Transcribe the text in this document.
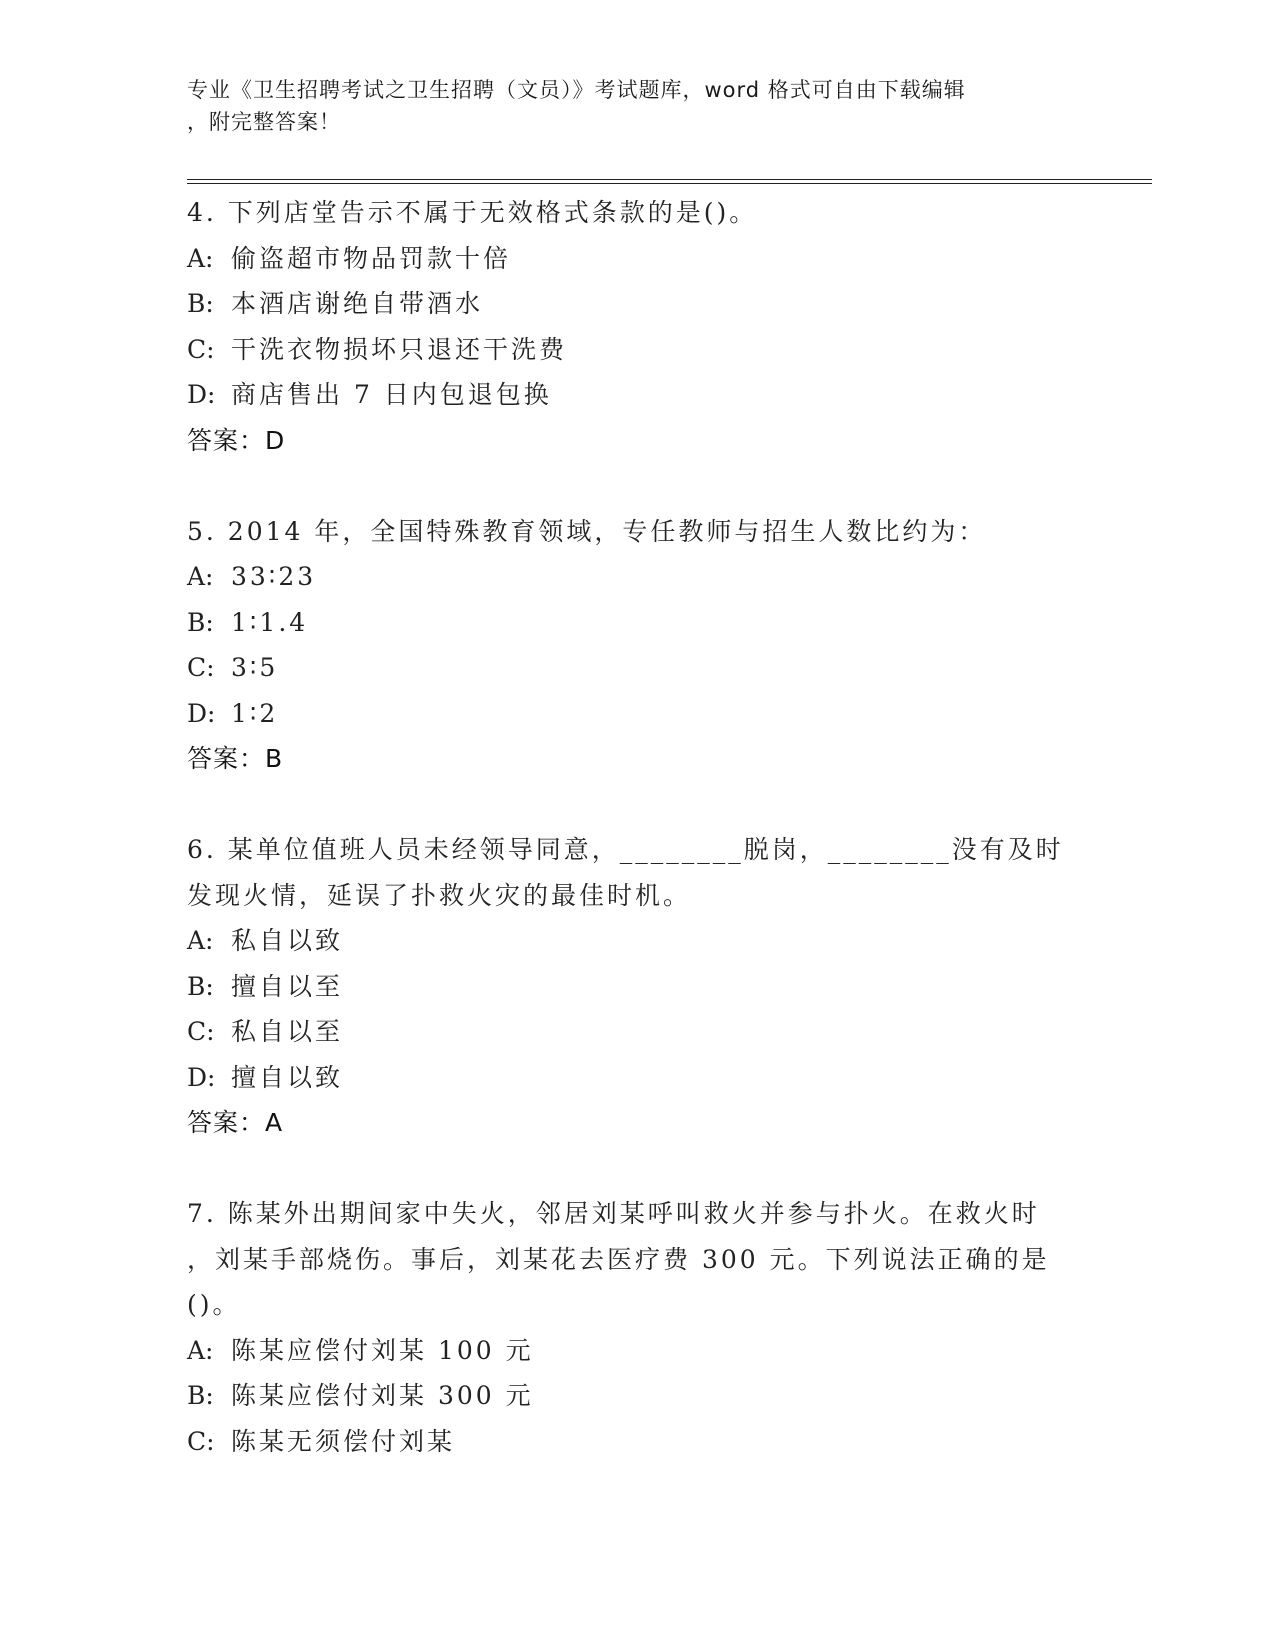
专业《卫生招聘考试之卫生招聘（文员）》考试题库，word 格式可自由下载编辑
，附完整答案！

4. 下列店堂告示不属于无效格式条款的是()。

A: 偷盗超市物品罚款十倍
B: 本酒店谢绝自带酒水
C: 干洗衣物损坏只退还干洗费
D: 商店售出 7 日内包退包换

答案：D

5. 2014 年，全国特殊教育领域，专任教师与招生人数比约为：

A: 33∶23
B: 1∶1.4
C: 3∶5
D: 1∶2

答案：B

6. 某单位值班人员未经领导同意，________脱岗，________没有及时

发现火情，延误了扑救火灾的最佳时机。

A: 私自以致
B: 擅自以至
C: 私自以至
D: 擅自以致

答案：A

7. 陈某外出期间家中失火，邻居刘某呼叫救火并参与扑火。在救火时

，刘某手部烧伤。事后，刘某花去医疗费 300 元。下列说法正确的是

()。

A: 陈某应偿付刘某 100 元
B: 陈某应偿付刘某 300 元
C: 陈某无须偿付刘某
